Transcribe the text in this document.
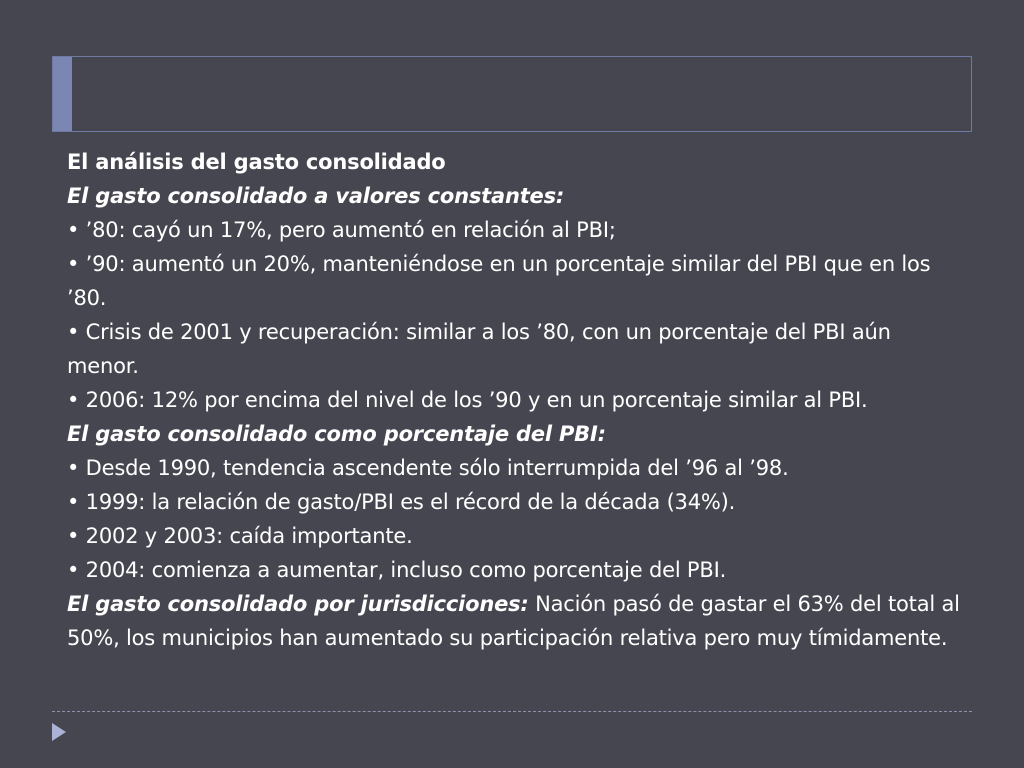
El análisis del gasto consolidado

El gasto consolidado a valores constantes:

• ’80: cayó un 17%, pero aumentó en relación al PBI;

• ’90: aumentó un 20%, manteniéndose en un porcentaje similar del PBI que en los ’80.

• Crisis de 2001 y recuperación: similar a los ’80, con un porcentaje del PBI aún menor.

• 2006: 12% por encima del nivel de los ’90 y en un porcentaje similar al PBI.

El gasto consolidado como porcentaje del PBI:

• Desde 1990, tendencia ascendente sólo interrumpida del ’96 al ’98.

• 1999: la relación de gasto/PBI es el récord de la década (34%).

• 2002 y 2003: caída importante.

• 2004: comienza a aumentar, incluso como porcentaje del PBI.

El gasto consolidado por jurisdicciones: Nación pasó de gastar el 63% del total al 50%, los municipios han aumentado su participación relativa pero muy tímidamente.
